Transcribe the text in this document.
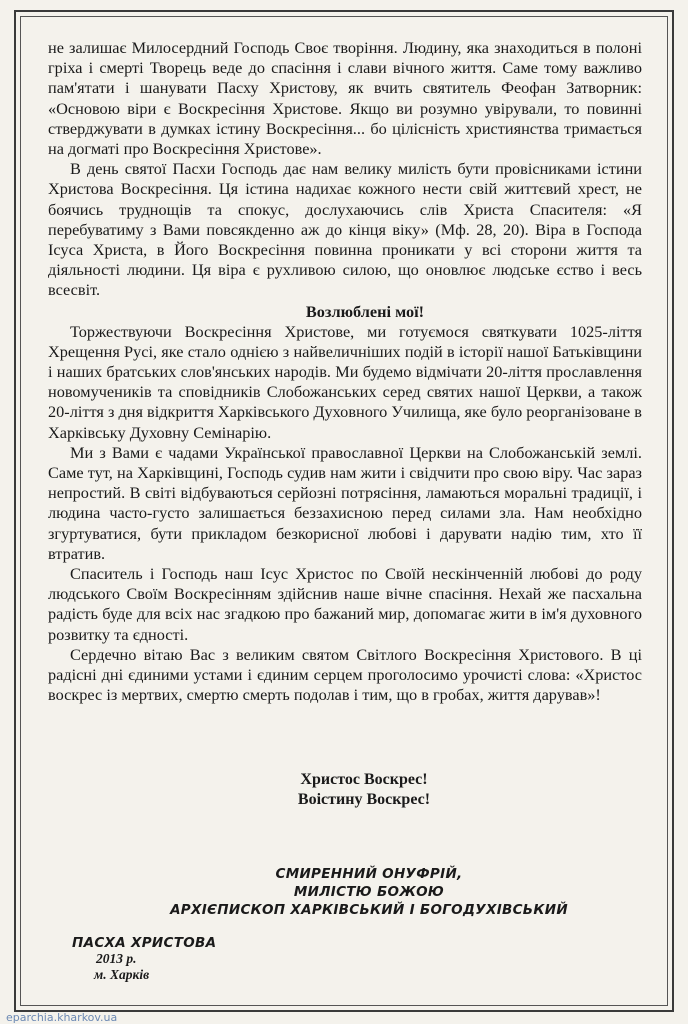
не залишає Милосердний Господь Своє творіння. Людину, яка знаходиться в полоні гріха і смерті Творець веде до спасіння і слави вічного життя. Саме тому важливо пам'ятати і шанувати Пасху Христову, як вчить святитель Феофан Затворник: «Основою віри є Воскресіння Христове. Якщо ви розумно увірували, то повинні стверджувати в думках істину Воскресіння... бо цілісність християнства тримається на догматі про Воскресіння Христове».

В день святої Пасхи Господь дає нам велику милість бути провісниками істини Христова Воскресіння. Ця істина надихає кожного нести свій життєвий хрест, не боячись труднощів та спокус, дослухаючись слів Христа Спасителя: «Я перебуватиму з Вами повсякденно аж до кінця віку» (Мф. 28, 20). Віра в Господа Ісуса Христа, в Його Воскресіння повинна проникати у всі сторони життя та діяльності людини. Ця віра є рухливою силою, що оновлює людське єство і весь всесвіт.

Возлюблені мої!

Торжествуючи Воскресіння Христове, ми готуємося святкувати 1025-ліття Хрещення Русі, яке стало однією з найвеличніших подій в історії нашої Батьківщини і наших братських слов'янських народів. Ми будемо відмічати 20-ліття прославлення новомучеників та сповідників Слобожанських серед святих нашої Церкви, а також 20-ліття з дня відкриття Харківського Духовного Училища, яке було реорганізоване в Харківську Духовну Семінарію.

Ми з Вами є чадами Української православної Церкви на Слобожанській землі. Саме тут, на Харківщині, Господь судив нам жити і свідчити про свою віру. Час зараз непростий. В світі відбуваються серйозні потрясіння, ламаються моральні традиції, і людина часто-густо залишається беззахисною перед силами зла. Нам необхідно згуртуватися, бути прикладом безкорисної любові і дарувати надію тим, хто її втратив.

Спаситель і Господь наш Ісус Христос по Своїй нескінченній любові до роду людського Своїм Воскресінням здійснив наше вічне спасіння. Нехай же пасхальна радість буде для всіх нас згадкою про бажаний мир, допомагає жити в ім'я духовного розвитку та єдності.

Сердечно вітаю Вас з великим святом Світлого Воскресіння Христового. В ці радісні дні єдиними устами і єдиним серцем проголосимо урочисті слова: «Христос воскрес із мертвих, смертю смерть подолав і тим, що в гробах, життя дарував»!

Христос Воскрес!
Воістину Воскрес!
СМИРЕННИЙ ОНУФРІЙ,
МИЛІСТЮ БОЖОЮ
АРХІЄПИСКОП ХАРКІВСЬКИЙ І БОГОДУХІВСЬКИЙ
ПАСХА ХРИСТОВА
2013 р.
м. Харків
eparchia.kharkov.ua
